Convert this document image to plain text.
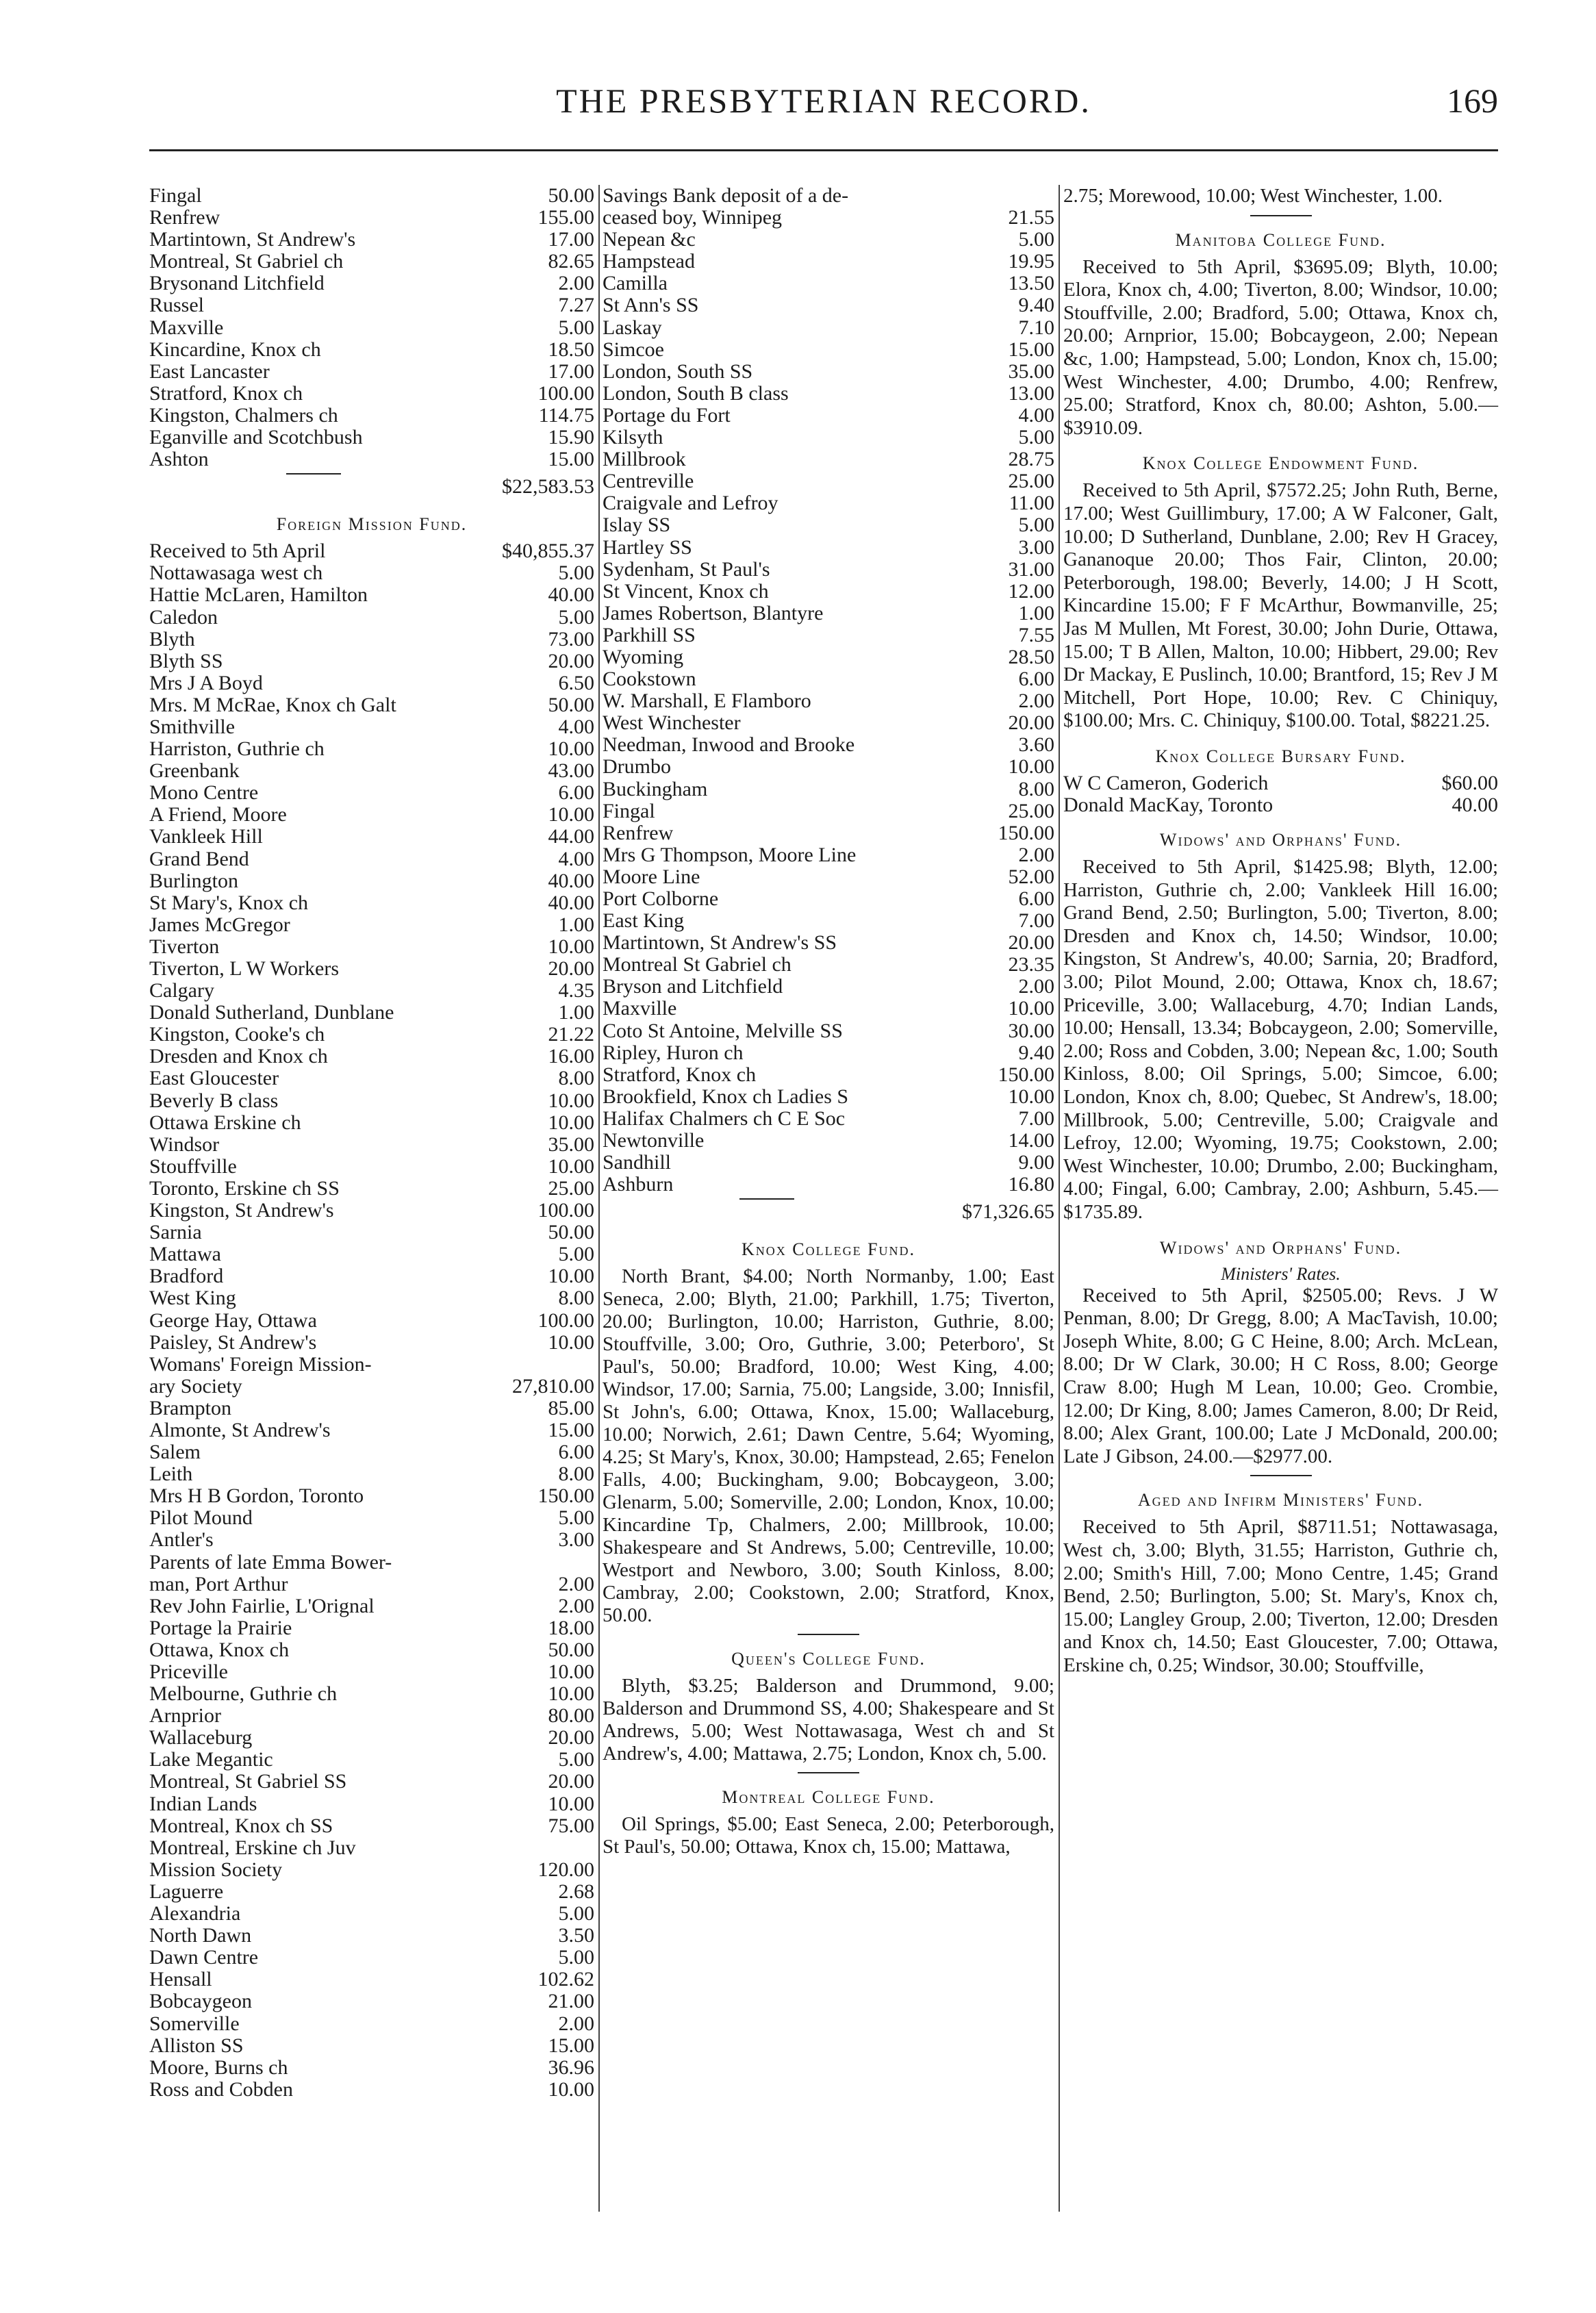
THE PRESBYTERIAN RECORD.	169
Fingal	50.00
Renfrew	155.00
Martintown, St Andrew's	17.00
Montreal, St Gabriel ch	82.65
Brysonand Litchfield	2.00
Russel	7.27
Maxville	5.00
Kincardine, Knox ch	18.50
East Lancaster	17.00
Stratford, Knox ch	100.00
Kingston, Chalmers ch	114.75
Eganville and Scotchbush	15.90
Ashton	15.00
$22,583.53
Foreign Mission Fund.
Received to 5th April	$40,855.37
Nottawasaga west ch	5.00
Hattie McLaren, Hamilton	40.00
Caledon	5.00
Blyth	73.00
Blyth SS	20.00
Mrs J A Boyd	6.50
Mrs. M McRae, Knox ch Galt	50.00
Smithville	4.00
Harriston, Guthrie ch	10.00
Greenbank	43.00
Mono Centre	6.00
A Friend, Moore	10.00
Vankleek Hill	44.00
Grand Bend	4.00
Burlington	40.00
St Mary's, Knox ch	40.00
James McGregor	1.00
Tiverton	10.00
Tiverton, L W Workers	20.00
Calgary	4.35
Donald Sutherland, Dunblane	1.00
Kingston, Cooke's ch	21.22
Dresden and Knox ch	16.00
East Gloucester	8.00
Beverly B class	10.00
Ottawa Erskine ch	10.00
Windsor	35.00
Stouffville	10.00
Toronto, Erskine ch SS	25.00
Kingston, St Andrew's	100.00
Sarnia	50.00
Mattawa	5.00
Bradford	10.00
West King	8.00
George Hay, Ottawa	100.00
Paisley, St Andrew's	10.00
Womans' Foreign Mission-
ary Society	27,810.00
Brampton	85.00
Almonte, St Andrew's	15.00
Salem	6.00
Leith	8.00
Mrs H B Gordon, Toronto	150.00
Pilot Mound	5.00
Antler's	3.00
Parents of late Emma Bower-
man, Port Arthur	2.00
Rev John Fairlie, L'Orignal	2.00
Portage la Prairie	18.00
Ottawa, Knox ch	50.00
Priceville	10.00
Melbourne, Guthrie ch	10.00
Arnprior	80.00
Wallaceburg	20.00
Lake Megantic	5.00
Montreal, St Gabriel SS	20.00
Indian Lands	10.00
Montreal, Knox ch SS	75.00
Montreal, Erskine ch Juv
Mission Society	120.00
Laguerre	2.68
Alexandria	5.00
North Dawn	3.50
Dawn Centre	5.00
Hensall	102.62
Bobcaygeon	21.00
Somerville	2.00
Alliston SS	15.00
Moore, Burns ch	36.96
Ross and Cobden	10.00
Savings Bank deposit of a de-
ceased boy, Winnipeg	21.55
Nepean &c	5.00
Hampstead	19.95
Camilla	13.50
St Ann's SS	9.40
Laskay	7.10
Simcoe	15.00
London, South SS	35.00
London, South B class	13.00
Portage du Fort	4.00
Kilsyth	5.00
Millbrook	28.75
Centreville	25.00
Craigvale and Lefroy	11.00
Islay SS	5.00
Hartley SS	3.00
Sydenham, St Paul's	31.00
St Vincent, Knox ch	12.00
James Robertson, Blantyre	1.00
Parkhill SS	7.55
Wyoming	28.50
Cookstown	6.00
W. Marshall, E Flamboro	2.00
West Winchester	20.00
Needman, Inwood and Brooke	3.60
Drumbo	10.00
Buckingham	8.00
Fingal	25.00
Renfrew	150.00
Mrs G Thompson, Moore Line	2.00
Moore Line	52.00
Port Colborne	6.00
East King	7.00
Martintown, St Andrew's SS	20.00
Montreal St Gabriel ch	23.35
Bryson and Litchfield	2.00
Maxville	10.00
Coto St Antoine, Melville SS	30.00
Ripley, Huron ch	9.40
Stratford, Knox ch	150.00
Brookfield, Knox ch Ladies S	10.00
Halifax Chalmers ch C E Soc	7.00
Newtonville	14.00
Sandhill	9.00
Ashburn	16.80
$71,326.65
Knox College Fund.

North Brant, $4.00; North Normanby, 1.00; East Seneca, 2.00; Blyth, 21.00; Parkhill, 1.75; Tiverton, 20.00; Burlington, 10.00; Harriston, Guthrie, 8.00; Stouffville, 3.00; Oro, Guthrie, 3.00; Peterboro', St Paul's, 50.00; Bradford, 10.00; West King, 4.00; Windsor, 17.00; Sarnia, 75.00; Langside, 3.00; Innisfil, St John's, 6.00; Ottawa, Knox, 15.00; Wallaceburg, 10.00; Norwich, 2.61; Dawn Centre, 5.64; Wyoming, 4.25; St Mary's, Knox, 30.00; Hampstead, 2.65; Fenelon Falls, 4.00; Buckingham, 9.00; Bobcaygeon, 3.00; Glenarm, 5.00; Somerville, 2.00; London, Knox, 10.00; Kincardine Tp, Chalmers, 2.00; Millbrook, 10.00; Shakespeare and St Andrews, 5.00; Centreville, 10.00; Westport and Newboro, 3.00; South Kinloss, 8.00; Cambray, 2.00; Cookstown, 2.00; Stratford, Knox, 50.00.

Queen's College Fund.

Blyth, $3.25; Balderson and Drummond, 9.00; Balderson and Drummond SS, 4.00; Shakespeare and St Andrews, 5.00; West Nottawasaga, West ch and St Andrew's, 4.00; Mattawa, 2.75; London, Knox ch, 5.00.

Montreal College Fund.

Oil Springs, $5.00; East Seneca, 2.00; Peterborough, St Paul's, 50.00; Ottawa, Knox ch, 15.00; Mattawa,

2.75; Morewood, 10.00; West Winchester, 1.00.

Manitoba College Fund.

Received to 5th April, $3695.09; Blyth, 10.00; Elora, Knox ch, 4.00; Tiverton, 8.00; Windsor, 10.00; Stouffville, 2.00; Bradford, 5.00; Ottawa, Knox ch, 20.00; Arnprior, 15.00; Bobcaygeon, 2.00; Nepean &c, 1.00; Hampstead, 5.00; London, Knox ch, 15.00; West Winchester, 4.00; Drumbo, 4.00; Renfrew, 25.00; Stratford, Knox ch, 80.00; Ashton, 5.00.—$3910.09.

Knox College Endowment Fund.

Received to 5th April, $7572.25; John Ruth, Berne, 17.00; West Guillimbury, 17.00; A W Falconer, Galt, 10.00; D Sutherland, Dunblane, 2.00; Rev H Gracey, Gananoque 20.00; Thos Fair, Clinton, 20.00; Peterborough, 198.00; Beverly, 14.00; J H Scott, Kincardine 15.00; F F McArthur, Bowmanville, 25; Jas M Mullen, Mt Forest, 30.00; John Durie, Ottawa, 15.00; T B Allen, Malton, 10.00; Hibbert, 29.00; Rev Dr Mackay, E Puslinch, 10.00; Brantford, 15; Rev J M Mitchell, Port Hope, 10.00; Rev. C Chiniquy, $100.00; Mrs. C. Chiniquy, $100.00. Total, $8221.25.

Knox College Bursary Fund.
W C Cameron, Goderich	$60.00
Donald MacKay, Toronto	40.00
Widows' and Orphans' Fund.

Received to 5th April, $1425.98; Blyth, 12.00; Harriston, Guthrie ch, 2.00; Vankleek Hill 16.00; Grand Bend, 2.50; Burlington, 5.00; Tiverton, 8.00; Dresden and Knox ch, 14.50; Windsor, 10.00; Kingston, St Andrew's, 40.00; Sarnia, 20; Bradford, 3.00; Pilot Mound, 2.00; Ottawa, Knox ch, 18.67; Priceville, 3.00; Wallaceburg, 4.70; Indian Lands, 10.00; Hensall, 13.34; Bobcaygeon, 2.00; Somerville, 2.00; Ross and Cobden, 3.00; Nepean &c, 1.00; South Kinloss, 8.00; Oil Springs, 5.00; Simcoe, 6.00; London, Knox ch, 8.00; Quebec, St Andrew's, 18.00; Millbrook, 5.00; Centreville, 5.00; Craigvale and Lefroy, 12.00; Wyoming, 19.75; Cookstown, 2.00; West Winchester, 10.00; Drumbo, 2.00; Buckingham, 4.00; Fingal, 6.00; Cambray, 2.00; Ashburn, 5.45.—$1735.89.

Widows' and Orphans' Fund.
Ministers' Rates.

Received to 5th April, $2505.00; Revs. J W Penman, 8.00; Dr Gregg, 8.00; A MacTavish, 10.00; Joseph White, 8.00; G C Heine, 8.00; Arch. McLean, 8.00; Dr W Clark, 30.00; H C Ross, 8.00; George Craw 8.00; Hugh M Lean, 10.00; Geo. Crombie, 12.00; Dr King, 8.00; James Cameron, 8.00; Dr Reid, 8.00; Alex Grant, 100.00; Late J McDonald, 200.00; Late J Gibson, 24.00.—$2977.00.

Aged and Infirm Ministers' Fund.

Received to 5th April, $8711.51; Nottawasaga, West ch, 3.00; Blyth, 31.55; Harriston, Guthrie ch, 2.00; Smith's Hill, 7.00; Mono Centre, 1.45; Grand Bend, 2.50; Burlington, 5.00; St. Mary's, Knox ch, 15.00; Langley Group, 2.00; Tiverton, 12.00; Dresden and Knox ch, 14.50; East Gloucester, 7.00; Ottawa, Erskine ch, 0.25; Windsor, 30.00; Stouffville,
